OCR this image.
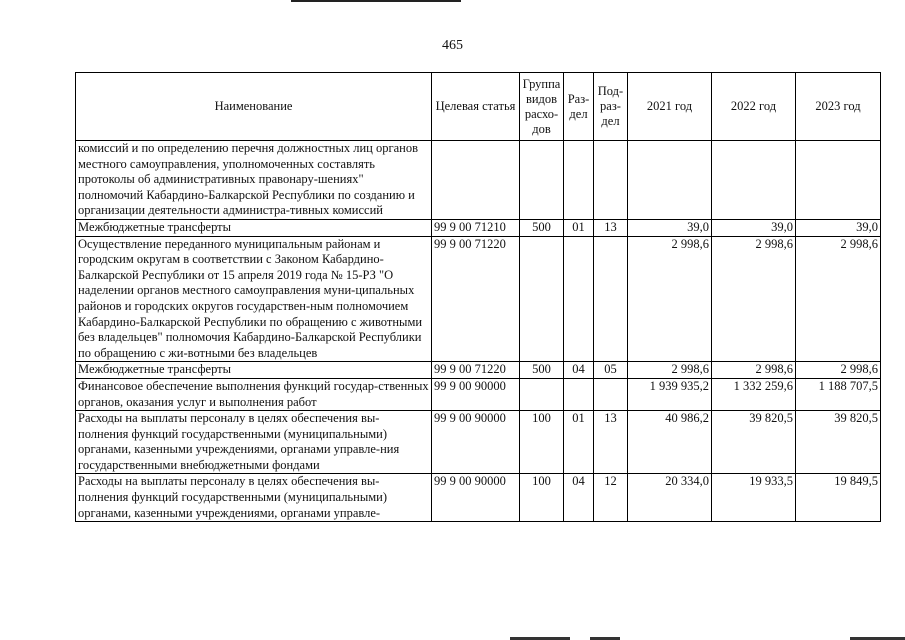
465
Наименование	Целевая статья	Группа видов расхо-дов	Раз-дел	Под-раз-дел	2021 год	2022 год	2023 год
комиссий и по определению перечня должностных лиц органов местного самоуправления, уполномоченных составлять протоколы об административных правонару-шениях" полномочий Кабардино-Балкарской Республики по созданию и организации деятельности администра-тивных комиссий							
Межбюджетные трансферты	99 9 00 71210	500	01	13	39,0	39,0	39,0
Осуществление переданного муниципальным районам и городским округам в соответствии с Законом Кабардино-Балкарской Республики от 15 апреля 2019 года № 15-РЗ "О наделении органов местного самоуправления муни-ципальных районов и городских округов государствен-ным полномочием Кабардино-Балкарской Республики по обращению с животными без владельцев" полномочия Кабардино-Балкарской Республики по обращению с жи-вотными без владельцев	99 9 00 71220				2 998,6	2 998,6	2 998,6
Межбюджетные трансферты	99 9 00 71220	500	04	05	2 998,6	2 998,6	2 998,6
Финансовое обеспечение выполнения функций государ-ственных органов, оказания услуг и выполнения работ	99 9 00 90000				1 939 935,2	1 332 259,6	1 188 707,5
Расходы на выплаты персоналу в целях обеспечения вы-полнения функций государственными (муниципальными) органами, казенными учреждениями, органами управле-ния государственными внебюджетными фондами	99 9 00 90000	100	01	13	40 986,2	39 820,5	39 820,5
Расходы на выплаты персоналу в целях обеспечения вы-полнения функций государственными (муниципальными) органами, казенными учреждениями, органами управле-	99 9 00 90000	100	04	12	20 334,0	19 933,5	19 849,5
